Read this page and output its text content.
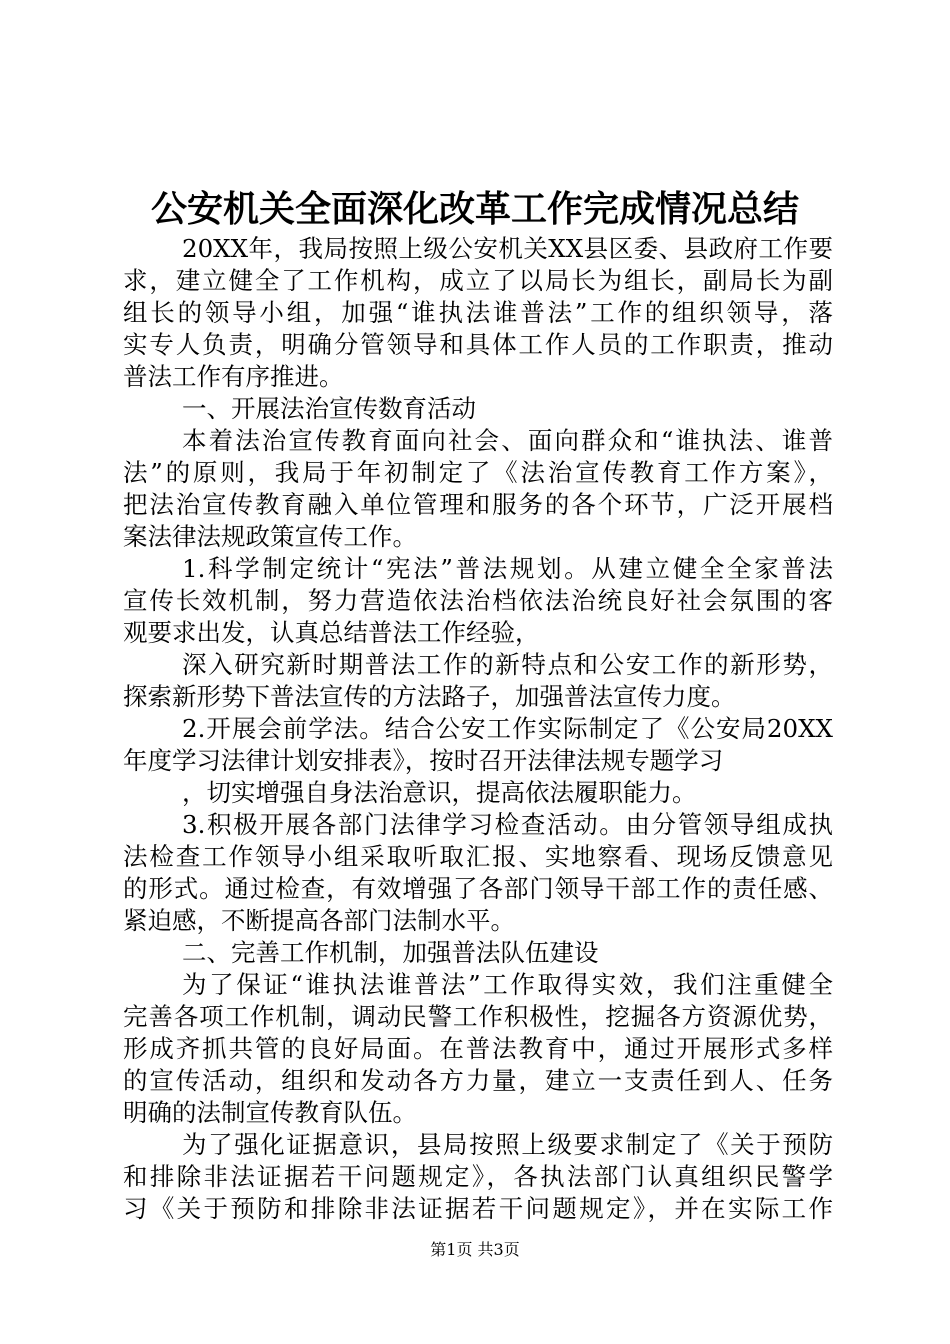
公安机关全面深化改革工作完成情况总结
20XX年，我局按照上级公安机关XX县区委、县政府工作要
求，建立健全了工作机构，成立了以局长为组长，副局长为副
组长的领导小组，加强“谁执法谁普法”工作的组织领导，落
实专人负责，明确分管领导和具体工作人员的工作职责，推动
普法工作有序推进。
一、开展法治宣传数育活动
本着法治宣传教育面向社会、面向群众和“谁执法、谁普
法”的原则，我局于年初制定了《法治宣传教育工作方案》，
把法治宣传教育融入单位管理和服务的各个环节，广泛开展档
案法律法规政策宣传工作。
1.科学制定统计“宪法”普法规划。从建立健全全家普法
宣传长效机制，努力营造依法治档依法治统良好社会氛围的客
观要求出发，认真总结普法工作经验，
深入研究新时期普法工作的新特点和公安工作的新形势，
探索新形势下普法宣传的方法路子，加强普法宣传力度。
2.开展会前学法。结合公安工作实际制定了《公安局20XX
年度学习法律计划安排表》，按时召开法律法规专题学习
，切实增强自身法治意识，提高依法履职能力。
3.积极开展各部门法律学习检查活动。由分管领导组成执
法检查工作领导小组采取听取汇报、实地察看、现场反馈意见
的形式。通过检查，有效增强了各部门领导干部工作的责任感、
紧迫感，不断提高各部门法制水平。
二、完善工作机制，加强普法队伍建设
为了保证“谁执法谁普法”工作取得实效，我们注重健全
完善各项工作机制，调动民警工作积极性，挖掘各方资源优势，
形成齐抓共管的良好局面。在普法教育中，通过开展形式多样
的宣传活动，组织和发动各方力量，建立一支责任到人、任务
明确的法制宣传教育队伍。
为了强化证据意识，县局按照上级要求制定了《关于预防
和排除非法证据若干问题规定》，各执法部门认真组织民警学
习《关于预防和排除非法证据若干问题规定》，并在实际工作
第1页 共3页
